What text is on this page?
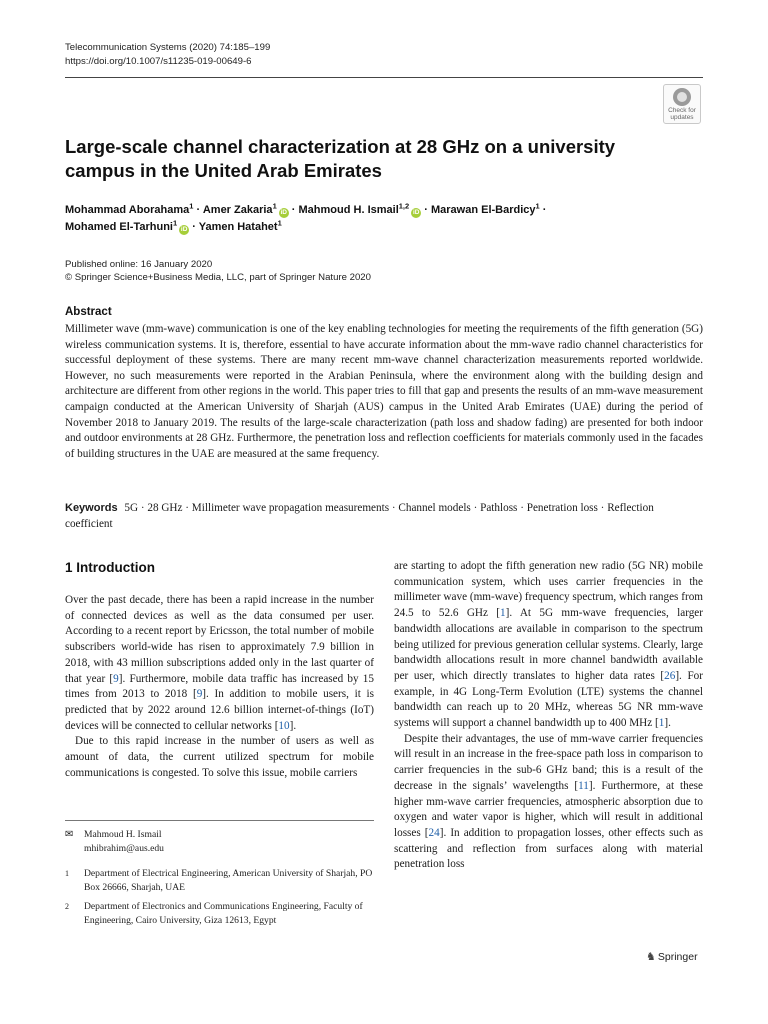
Telecommunication Systems (2020) 74:185–199
https://doi.org/10.1007/s11235-019-00649-6
Check for
updates
Large-scale channel characterization at 28 GHz on a university campus in the United Arab Emirates
Mohammad Aborahama$^1$ · Amer Zakaria$^1$iD · Mahmoud H. Ismail$^{1,2}$iD · Marawan El-Bardicy$^1$ ·
Mohamed El-Tarhuni$^1$iD · Yamen Hatahet$^1$
Published online: 16 January 2020
© Springer Science+Business Media, LLC, part of Springer Nature 2020
Abstract

Millimeter wave (mm-wave) communication is one of the key enabling technologies for meeting the requirements of the fifth generation (5G) wireless communication systems. It is, therefore, essential to have accurate information about the mm-wave radio channel characteristics for successful deployment of these systems. There are many recent mm-wave channel characterization measurements reported worldwide. However, no such measurements were reported in the Arabian Peninsula, where the environment along with the building design and architecture are different from other regions in the world. This paper tries to fill that gap and presents the results of an mm-wave measurement campaign conducted at the American University of Sharjah (AUS) campus in the United Arab Emirates (UAE) during the period of November 2018 to January 2019. The results of the large-scale characterization (path loss and shadow fading) are presented for both indoor and outdoor environments at 28 GHz. Furthermore, the penetration loss and reflection coefficients for materials commonly used in the facades of building structures in the UAE are measured at the same frequency.

Keywords 5G · 28 GHz · Millimeter wave propagation measurements · Channel models · Pathloss · Penetration loss · Reflection coefficient
1 Introduction

Over the past decade, there has been a rapid increase in the number of connected devices as well as the data consumed per user. According to a recent report by Ericsson, the total number of mobile subscribers world-wide has risen to approximately 7.9 billion in 2018, with 43 million subscriptions added only in the last quarter of that year [9]. Furthermore, mobile data traffic has increased by 15 times from 2013 to 2018 [9]. In addition to mobile users, it is predicted that by 2022 around 12.6 billion internet-of-things (IoT) devices will be connected to cellular networks [10].

Due to this rapid increase in the number of users as well as amount of data, the current utilized spectrum for mobile communications is congested. To solve this issue, mobile carriers

are starting to adopt the fifth generation new radio (5G NR) mobile communication system, which uses carrier frequencies in the millimeter wave (mm-wave) frequency spectrum, which ranges from 24.5 to 52.6 GHz [1]. At 5G mm-wave frequencies, larger bandwidth allocations are available in comparison to the spectrum being utilized for previous generation cellular systems. Clearly, large bandwidth allocations result in more channel bandwidth available per user, which directly translates to higher data rates [26]. For example, in 4G Long-Term Evolution (LTE) systems the channel bandwidth can reach up to 20 MHz, whereas 5G NR mm-wave systems will support a channel bandwidth up to 400 MHz [1].

Despite their advantages, the use of mm-wave carrier frequencies will result in an increase in the free-space path loss in comparison to carrier frequencies in the sub-6 GHz band; this is a result of the decrease in the signals’ wavelengths [11]. Furthermore, at these higher mm-wave carrier frequencies, atmospheric absorption due to oxygen and water vapor is higher, which will result in additional losses [24]. In addition to propagation losses, other effects such as scattering and reflection from surfaces along with material penetration loss

✉ Mahmoud H. Ismail
mhibrahim@aus.edu
1 Department of Electrical Engineering, American University of Sharjah, PO Box 26666, Sharjah, UAE
2 Department of Electronics and Communications Engineering, Faculty of Engineering, Cairo University, Giza 12613, Egypt
♞ Springer
